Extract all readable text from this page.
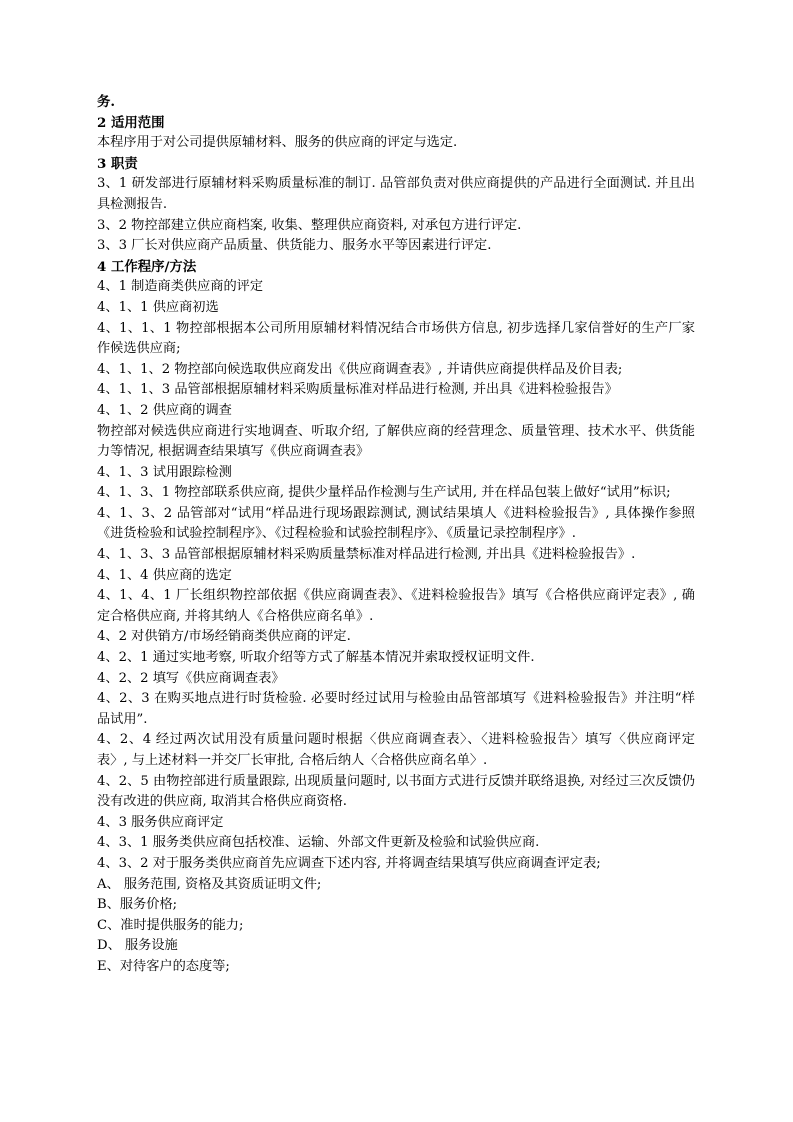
务.

2 适用范围

本程序用于对公司提供原辅材料、服务的供应商的评定与选定.

3 职责

3、1 研发部进行原辅材料采购质量标准的制订. 品管部负责对供应商提供的产品进行全面测试. 并且出具检测报告.

3、2 物控部建立供应商档案, 收集、整理供应商资料, 对承包方进行评定.

3、3 厂长对供应商产品质量、供货能力、服务水平等因素进行评定.

4 工作程序/方法

4、1 制造商类供应商的评定

4、1、1 供应商初选

4、1、1、1 物控部根据本公司所用原辅材料情况结合市场供方信息, 初步选择几家信誉好的生产厂家作候选供应商;

4、1、1、2 物控部向候选取供应商发出《供应商调查表》, 并请供应商提供样品及价目表;

4、1、1、3 品管部根据原辅材料采购质量标准对样品进行检测, 并出具《进料检验报告》

4、1、2 供应商的调查

物控部对候选供应商进行实地调查、听取介绍, 了解供应商的经营理念、质量管理、技术水平、供货能力等情况, 根据调查结果填写《供应商调查表》

4、1、3 试用跟踪检测

4、1、3、1 物控部联系供应商, 提供少量样品作检测与生产试用, 并在样品包装上做好“试用”标识;

4、1、3、2 品管部对“试用“样品进行现场跟踪测试, 测试结果填人《进料检验报告》, 具体操作参照《进货检验和试验控制程序》、《过程检验和试验控制程序》、《质量记录控制程序》.

4、1、3、3 品管部根据原辅材料采购质量禁标准对样品进行检测, 并出具《进料检验报告》.

4、1、4 供应商的选定

4、1、4、1 厂长组织物控部依据《供应商调查表》、《进料检验报告》填写《合格供应商评定表》, 确定合格供应商, 并将其纳人《合格供应商名单》.

4、2 对供销方/市场经销商类供应商的评定.

4、2、1 通过实地考察, 听取介绍等方式了解基本情况并索取授权证明文件.

4、2、2 填写《供应商调查表》

4、2、3 在购买地点进行时货检验. 必要时经过试用与检验由品管部填写《进料检验报告》并注明“样品试用”.

4、2、4 经过两次试用没有质量问题时根据〈供应商调查表〉、〈进料检验报告〉填写〈供应商评定表〉, 与上述材料一并交厂长审批, 合格后纳人〈合格供应商名单〉.

4、2、5 由物控部进行质量跟踪, 出现质量问题时, 以书面方式进行反馈并联络退换, 对经过三次反馈仍没有改进的供应商, 取消其合格供应商资格.

4、3 服务供应商评定

4、3、1 服务类供应商包括校准、运输、外部文件更新及检验和试验供应商.

4、3、2 对于服务类供应商首先应调查下述内容, 并将调查结果填写供应商调查评定表;

A、 服务范围, 资格及其资质证明文件;

B、服务价格;

C、准时提供服务的能力;

D、 服务设施

E、对待客户的态度等;
